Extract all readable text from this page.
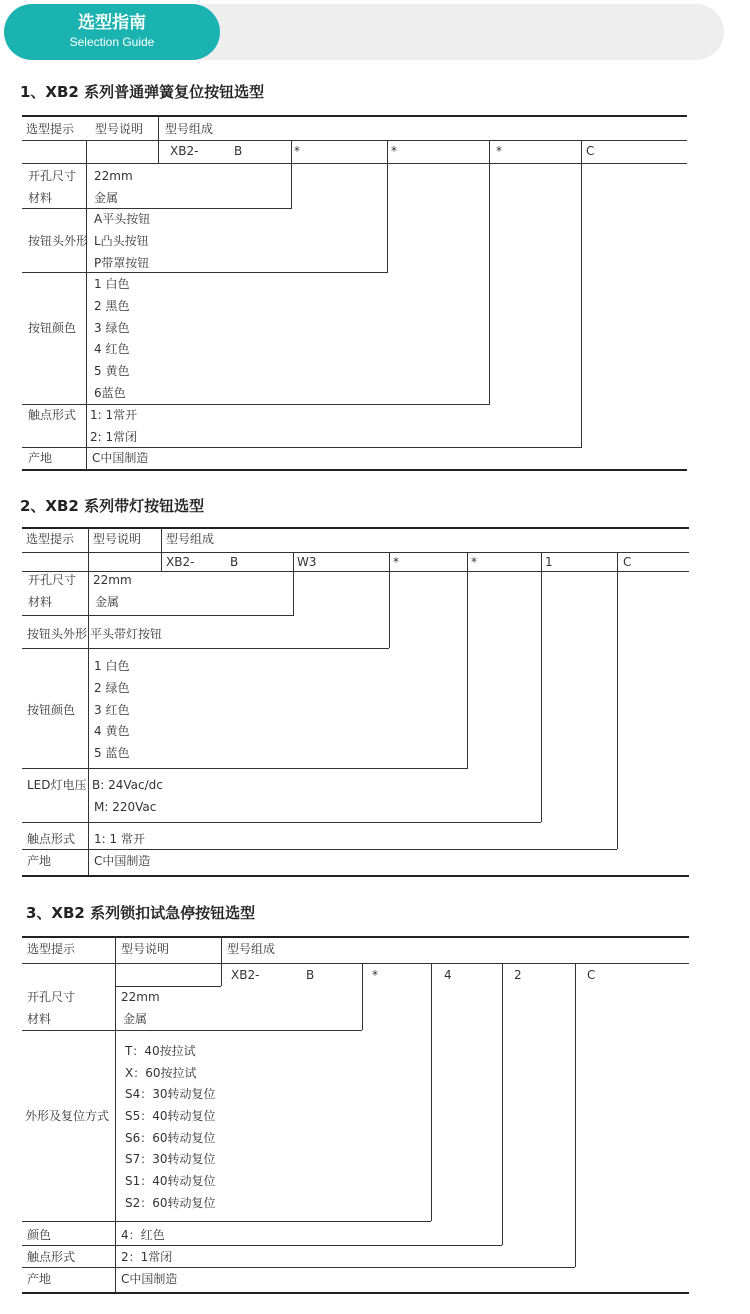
选型指南
Selection Guide
1、XB2 系列普通弹簧复位按钮选型
选型提示 型号说明 型号组成
XB2-	B	*	*	*	C
开孔尺寸 22mm
材料	金属
按钮头外形
A平头按钮
L凸头按钮
P带罩按钮
按钮颜色
1 白色
2 黑色
3 绿色
4 红色
5 黄色
6蓝色
触点形式 1: 1常开
2: 1常闭
产地	C中国制造
2、XB2 系列带灯按钮选型
选型提示 型号说明 型号组成
XB2-	B	W3	*	*	1	C
开孔尺寸 22mm
材料	金属
按钮头外形 平头带灯按钮
按钮颜色
1 白色
2 绿色
3 红色
4 黄色
5 蓝色
LED灯电压 B: 24Vac/dc
M: 220Vac
触点形式 1: 1 常开
产地	C中国制造
3、XB2 系列锁扣试急停按钮选型
选型提示	型号说明	型号组成
XB2-	B	*	4	2	C
开孔尺寸	22mm
材料	金属
外形及复位方式
T：40按拉试
X：60按拉试
S4：30转动复位
S5：40转动复位
S6：60转动复位
S7：30转动复位
S1：40转动复位
S2：60转动复位
颜色	4：红色
触点形式	2：1常闭
产地	C中国制造
